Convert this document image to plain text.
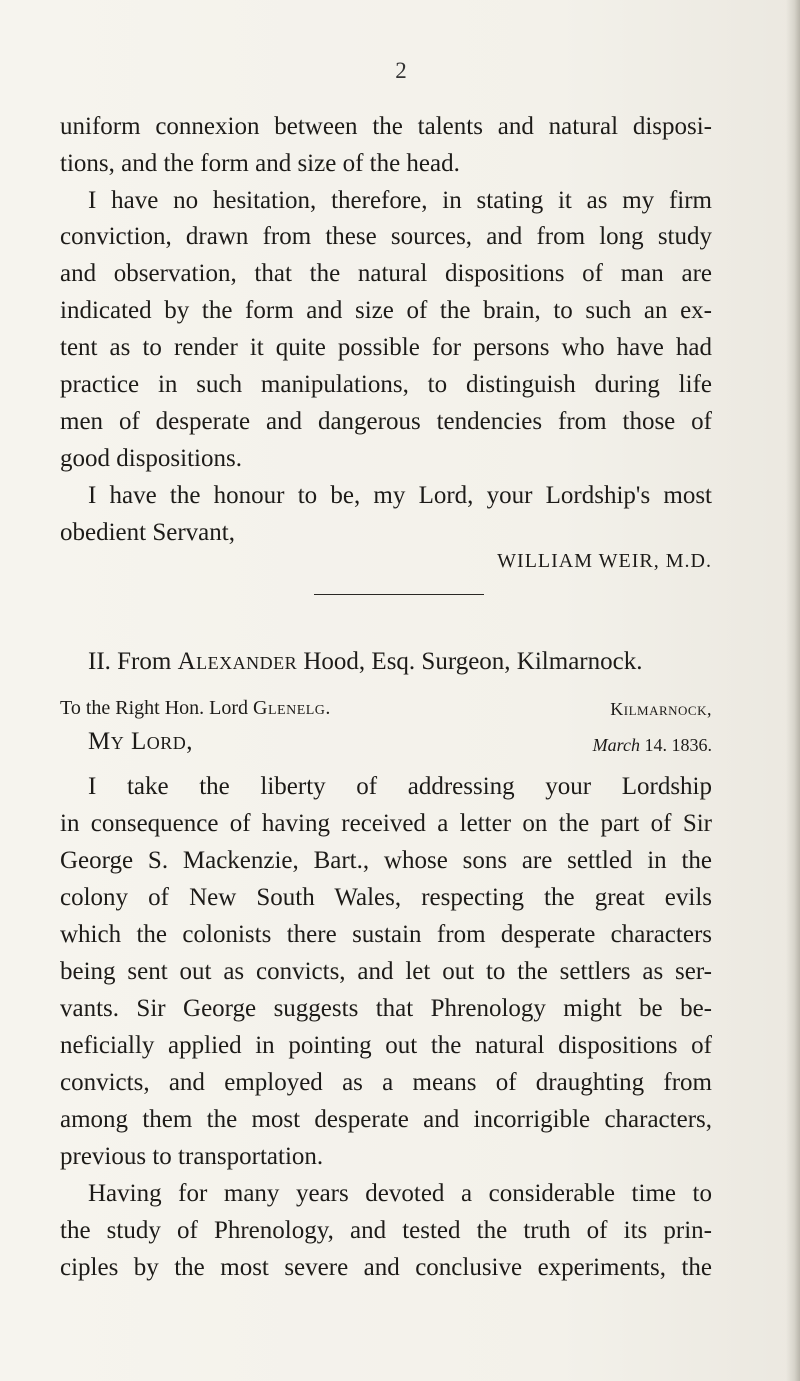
2
uniform connexion between the talents and natural disposi-
tions, and the form and size of the head.
I have no hesitation, therefore, in stating it as my firm
conviction, drawn from these sources, and from long study
and observation, that the natural dispositions of man are
indicated by the form and size of the brain, to such an ex-
tent as to render it quite possible for persons who have had
practice in such manipulations, to distinguish during life
men of desperate and dangerous tendencies from those of
good dispositions.
I have the honour to be, my Lord, your Lordship's most
obedient Servant,
WILLIAM WEIR, M.D.
II. From Alexander Hood, Esq. Surgeon, Kilmarnock.
To the Right Hon. Lord Glenelg.	Kilmarnock,
My Lord,	March 14. 1836.
I take the liberty of addressing your Lordship
in consequence of having received a letter on the part of Sir
George S. Mackenzie, Bart., whose sons are settled in the
colony of New South Wales, respecting the great evils
which the colonists there sustain from desperate characters
being sent out as convicts, and let out to the settlers as ser-
vants. Sir George suggests that Phrenology might be be-
neficially applied in pointing out the natural dispositions of
convicts, and employed as a means of draughting from
among them the most desperate and incorrigible characters,
previous to transportation.
Having for many years devoted a considerable time to
the study of Phrenology, and tested the truth of its prin-
ciples by the most severe and conclusive experiments, the
